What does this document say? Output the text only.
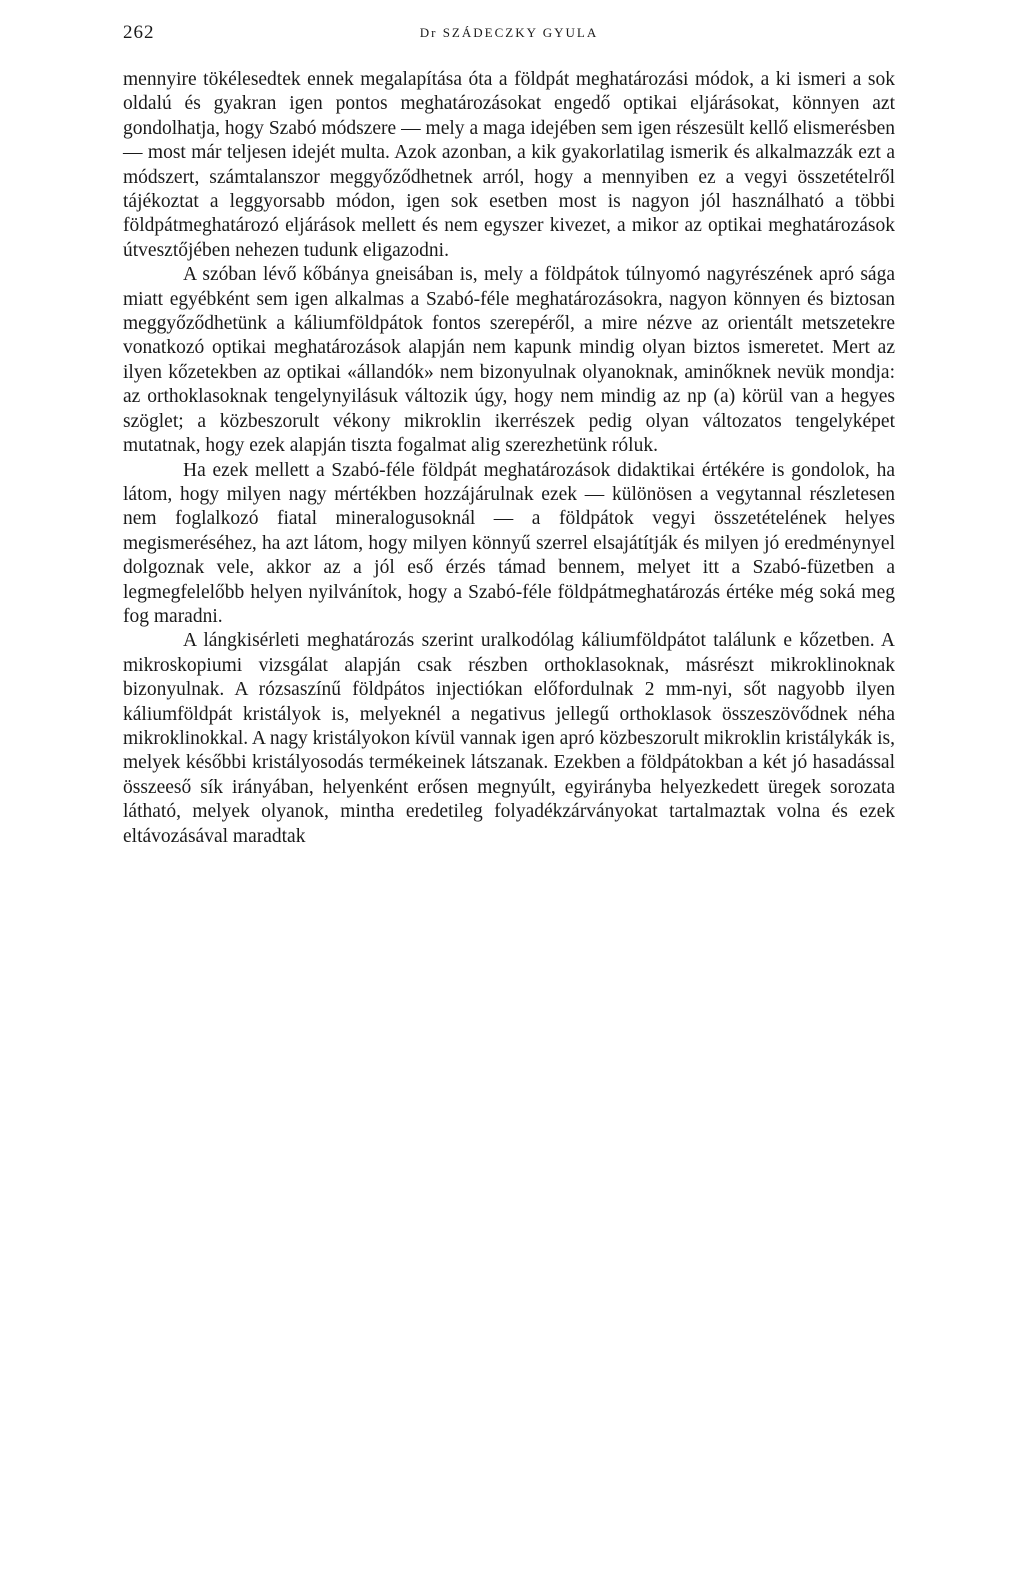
262	Dr SZÁDECZKY GYULA

mennyire tökélesedtek ennek megalapítása óta a földpát meghatározási módok, a ki ismeri a sok oldalú és gyakran igen pontos meghatározásokat engedő optikai eljárásokat, könnyen azt gondolhatja, hogy Szabó módszere — mely a maga idejében sem igen részesült kellő elismerésben — most már teljesen idejét multa. Azok azonban, a kik gyakorlatilag ismerik és alkalmazzák ezt a módszert, számtalanszor meggyőződhetnek arról, hogy a mennyiben ez a vegyi összetételről tájékoztat a leggyorsabb módon, igen sok esetben most is nagyon jól használható a többi földpátmeghatározó eljárások mellett és nem egyszer kivezet, a mikor az optikai meghatározások útvesztőjében nehezen tudunk eligazodni.

A szóban lévő kőbánya gneisában is, mely a földpátok túlnyomó nagyrészének apró sága miatt egyébként sem igen alkalmas a Szabó-féle meghatározásokra, nagyon könnyen és biztosan meggyőződhetünk a káliumföldpátok fontos szerepéről, a mire nézve az orientált metszetekre vonatkozó optikai meghatározások alapján nem kapunk mindig olyan biztos ismeretet. Mert az ilyen kőzetekben az optikai «állandók» nem bizonyulnak olyanoknak, aminőknek nevük mondja: az orthoklasoknak tengelynyilásuk változik úgy, hogy nem mindig az np (a) körül van a hegyes szöglet; a közbeszorult vékony mikroklin ikerrészek pedig olyan változatos tengelyképet mutatnak, hogy ezek alapján tiszta fogalmat alig szerezhetünk róluk.

Ha ezek mellett a Szabó-féle földpát meghatározások didaktikai értékére is gondolok, ha látom, hogy milyen nagy mértékben hozzájárulnak ezek — különösen a vegytannal részletesen nem foglalkozó fiatal mineralogusoknál — a földpátok vegyi összetételének helyes megismeréséhez, ha azt látom, hogy milyen könnyű szerrel elsajátítják és milyen jó eredménynyel dolgoznak vele, akkor az a jól eső érzés támad bennem, melyet itt a Szabó-füzetben a legmegfelelőbb helyen nyilvánítok, hogy a Szabó-féle földpátmeghatározás értéke még soká meg fog maradni.

A lángkisérleti meghatározás szerint uralkodólag káliumföldpátot találunk e kőzetben. A mikroskopiumi vizsgálat alapján csak részben orthoklasoknak, másrészt mikroklinoknak bizonyulnak. A rózsaszínű földpátos injectiókan előfordulnak 2 mm-nyi, sőt nagyobb ilyen káliumföldpát kristályok is, melyeknél a negativus jellegű orthoklasok összeszövődnek néha mikroklinokkal. A nagy kristályokon kívül vannak igen apró közbeszorult mikroklin kristálykák is, melyek későbbi kristályosodás termékeinek látszanak. Ezekben a földpátokban a két jó hasadással összeeső sík irányában, helyenként erősen megnyúlt, egyirányba helyezkedett üregek sorozata látható, melyek olyanok, mintha eredetileg folyadékzárványokat tartalmaztak volna és ezek eltávozásával maradtak
